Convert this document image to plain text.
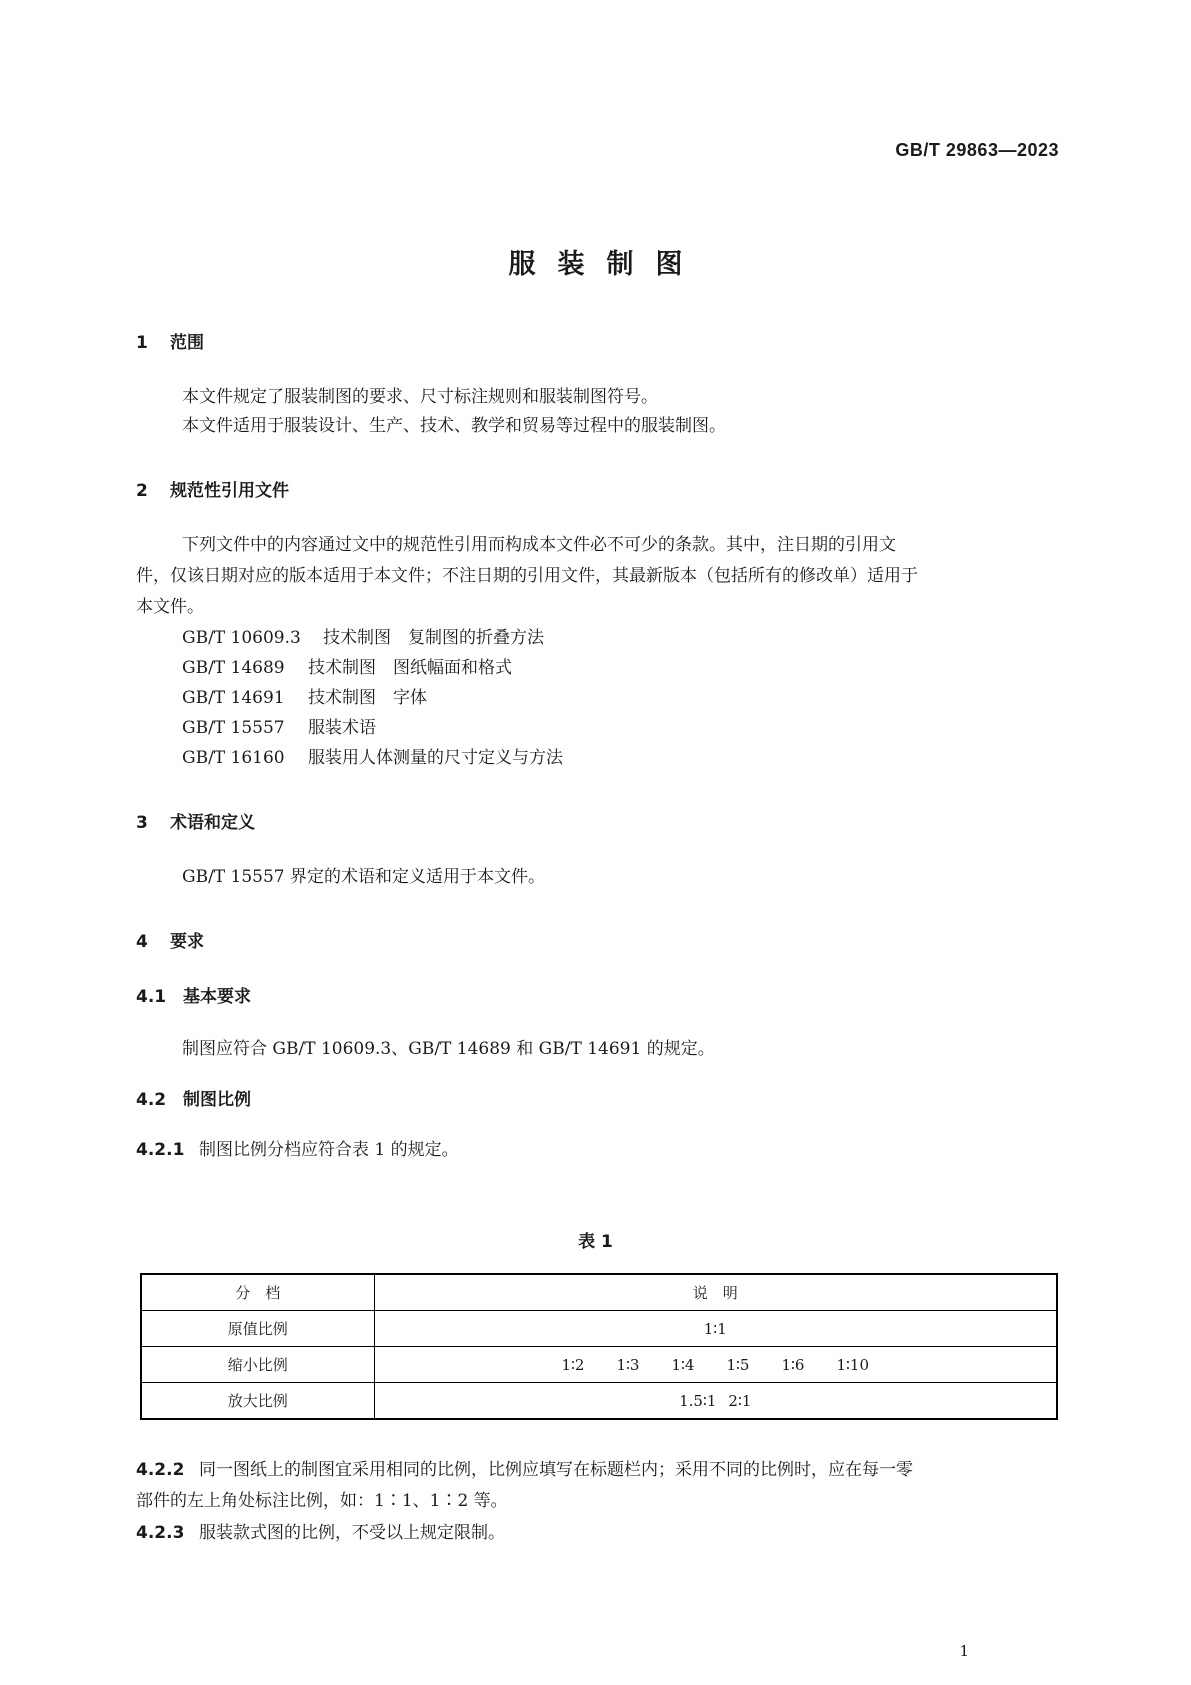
GB/T 29863—2023
服装制图
1 范围
本文件规定了服装制图的要求、尺寸标注规则和服装制图符号。
本文件适用于服装设计、生产、技术、教学和贸易等过程中的服装制图。
2 规范性引用文件
下列文件中的内容通过文中的规范性引用而构成本文件必不可少的条款。其中，注日期的引用文
件，仅该日期对应的版本适用于本文件；不注日期的引用文件，其最新版本（包括所有的修改单）适用于
本文件。
GB/T 10609.3 技术制图　复制图的折叠方法
GB/T 14689 技术制图　图纸幅面和格式
GB/T 14691 技术制图　字体
GB/T 15557 服装术语
GB/T 16160 服装用人体测量的尺寸定义与方法
3 术语和定义
GB/T 15557 界定的术语和定义适用于本文件。
4 要求
4.1 基本要求
制图应符合 GB/T 10609.3、GB/T 14689 和 GB/T 14691 的规定。
4.2 制图比例
4.2.1 制图比例分档应符合表 1 的规定。
表 1
分　档	说　明
原值比例	1∶1
缩小比例	1∶2 1∶3 1∶4 1∶5 1∶6 1∶10
放大比例	1.5∶1 2∶1
4.2.2 同一图纸上的制图宜采用相同的比例，比例应填写在标题栏内；采用不同的比例时，应在每一零
部件的左上角处标注比例，如：1∶1、1∶2 等。
4.2.3 服装款式图的比例，不受以上规定限制。
1
